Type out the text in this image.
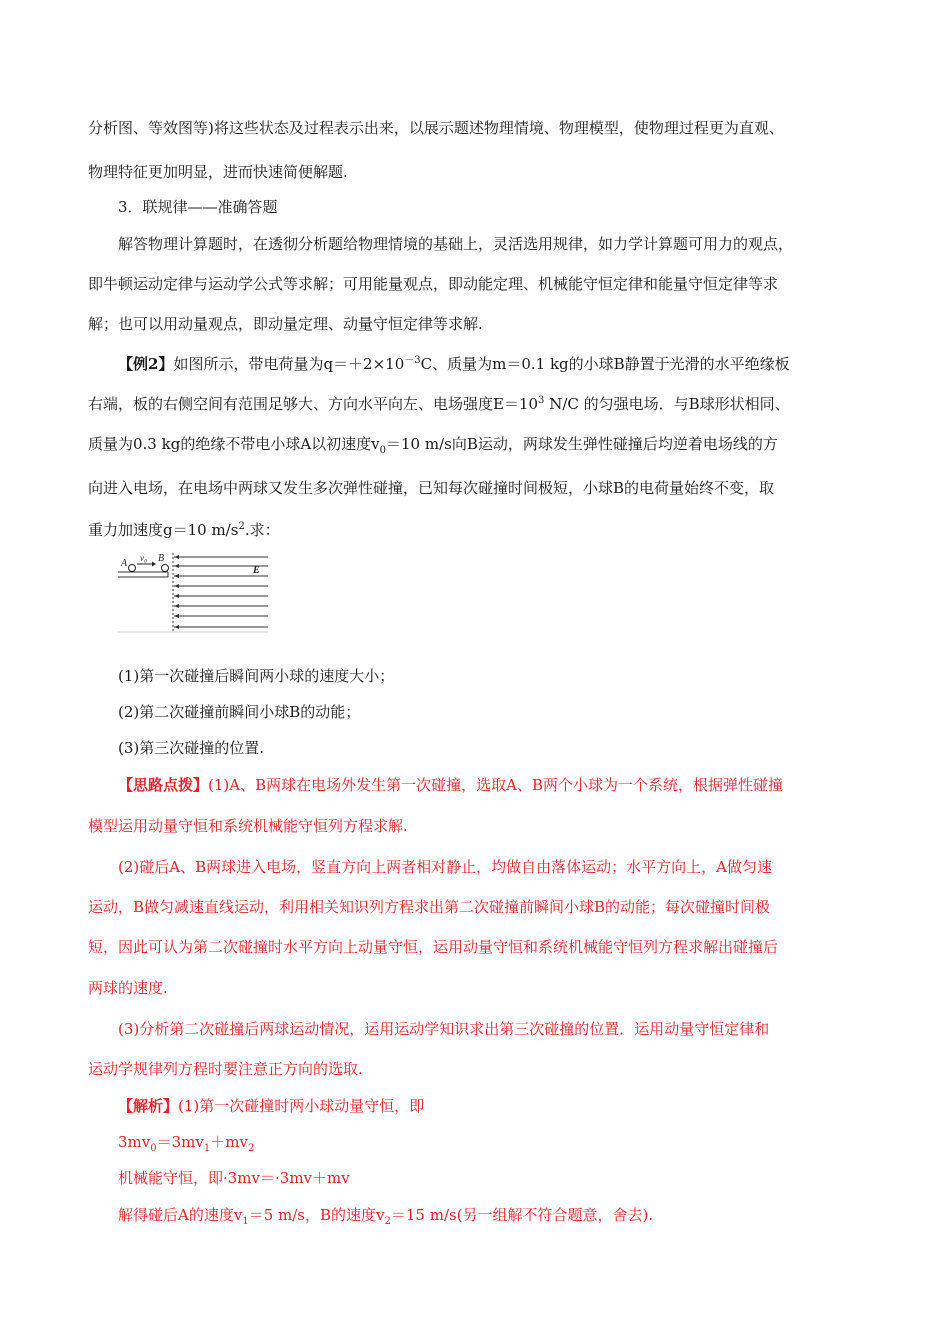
分析图、等效图等)将这些状态及过程表示出来，以展示题述物理情境、物理模型，使物理过程更为直观、
物理特征更加明显，进而快速简便解题.
3．联规律——准确答题
解答物理计算题时，在透彻分析题给物理情境的基础上，灵活选用规律，如力学计算题可用力的观点，
即牛顿运动定律与运动学公式等求解；可用能量观点，即动能定理、机械能守恒定律和能量守恒定律等求
解；也可以用动量观点，即动量定理、动量守恒定律等求解.
【例2】如图所示，带电荷量为$q=+2\times 10^{-3}C$、质量为m＝0.1 kg的小球B静置于光滑的水平绝缘板
右端，板的右侧空间有范围足够大、方向水平向左、电场强度$E=10^3$ N/C 的匀强电场．与B球形状相同、
质量为0.3 kg的绝缘不带电小球A以初速度$v_0=10$ m/s向B运动，两球发生弹性碰撞后均逆着电场线的方
向进入电场，在电场中两球又发生多次弹性碰撞，已知每次碰撞时间极短，小球B的电荷量始终不变，取
重力加速度g＝10 $m/s^2$.求：
A v₀ B
E
(1)第一次碰撞后瞬间两小球的速度大小；
(2)第二次碰撞前瞬间小球B的动能；
(3)第三次碰撞的位置.
【思路点拨】(1)A、B两球在电场外发生第一次碰撞，选取A、B两个小球为一个系统，根据弹性碰撞
模型运用动量守恒和系统机械能守恒列方程求解.
(2)碰后A、B两球进入电场，竖直方向上两者相对静止，均做自由落体运动；水平方向上，A做匀速
运动，B做匀减速直线运动，利用相关知识列方程求出第二次碰撞前瞬间小球B的动能；每次碰撞时间极
短，因此可认为第二次碰撞时水平方向上动量守恒，运用动量守恒和系统机械能守恒列方程求解出碰撞后
两球的速度.
(3)分析第二次碰撞后两球运动情况，运用运动学知识求出第三次碰撞的位置．运用动量守恒定律和
运动学规律列方程时要注意正方向的选取.
【解析】(1)第一次碰撞时两小球动量守恒，即
$3mv_0=3mv_1+mv_2$
机械能守恒，即·3mv＝·3mv＋mv
解得碰后A的速度$v_1=5$ m/s，B的速度$v_2=15$ m/s(另一组解不符合题意，舍去).
